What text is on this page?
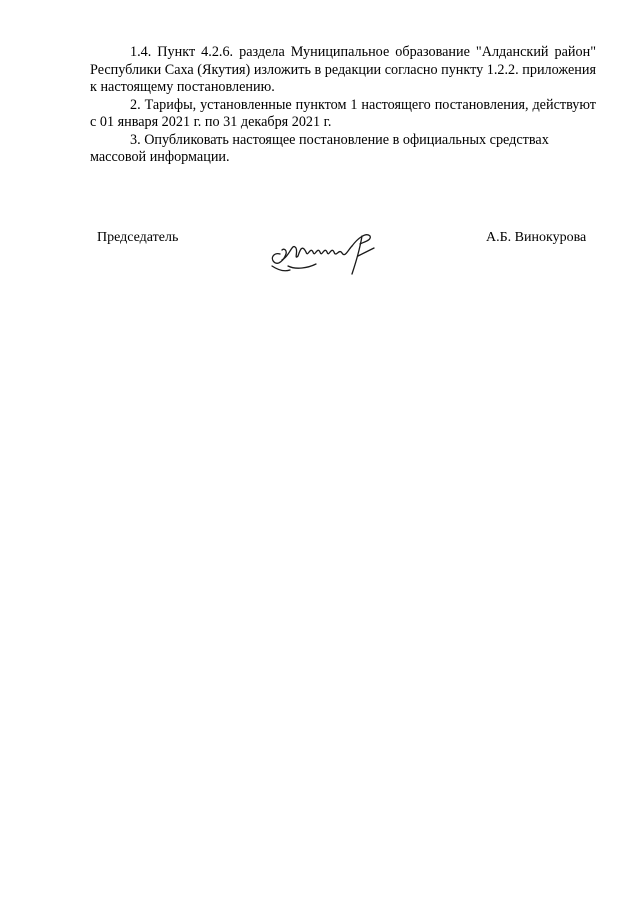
1.4. Пункт 4.2.6. раздела Муниципальное образование "Алданский район" Республики Саха (Якутия) изложить в редакции согласно пункту 1.2.2. приложения к настоящему постановлению.

2. Тарифы, установленные пунктом 1 настоящего постановления, действуют с 01 января 2021 г. по 31 декабря 2021 г.

3. Опубликовать настоящее постановление в официальных средствах массовой информации.

Председатель	А.Б. Винокурова
